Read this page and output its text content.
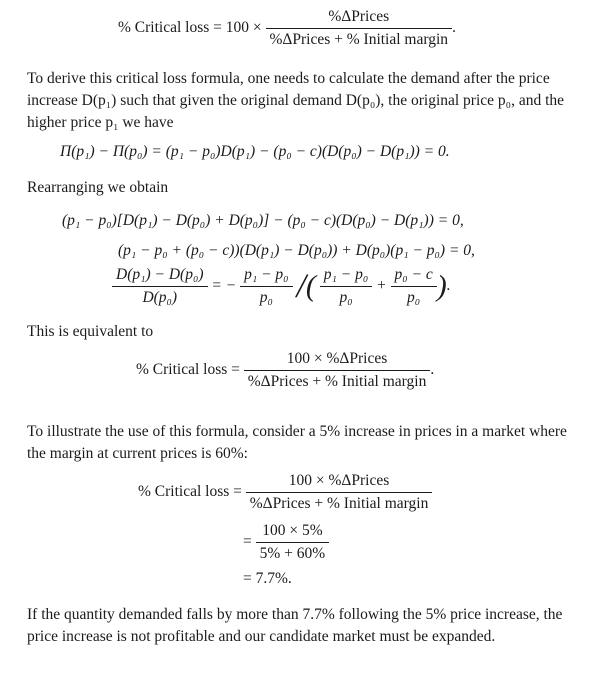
% Critical loss = $100 \times \frac{\text{\%ΔPrices}}{\text{\%ΔPrices + \% Initial margin}}$ .
To derive this critical loss formula, one needs to calculate the demand after the price increase D(p₁) such that given the original demand D(p₀), the original price p₀, and the higher price p₁ we have
Π(p₁) − Π(p₀) = (p₁ − p₀)D(p₁) − (p₀ − c)(D(p₀) − D(p₁)) = 0.
Rearranging we obtain
(p₁ − p₀)[D(p₁) − D(p₀) + D(p₀)] − (p₀ − c)(D(p₀) − D(p₁)) = 0,
(p₁ − p₀ + (p₀ − c))(D(p₁) − D(p₀)) + D(p₀)(p₁ − p₀) = 0,
$\frac{\text{D(p₁) − D(p₀)}}{\text{D(p₀)}}$ = − $\frac{\text{p₁ − p₀}}{\text{p₀}}$ /( $\frac{\text{p₁ − p₀}}{\text{p₀}} + \frac{\text{p₀ − c}}{\text{p₀}}$ ).
This is equivalent to
% Critical loss = $\frac{\text{100 × \%ΔPrices}}{\text{\%ΔPrices + \% Initial margin}}$ .
To illustrate the use of this formula, consider a 5% increase in prices in a market where the margin at current prices is 60%:
% Critical loss = $\frac{\text{100 × \%ΔPrices}}{\text{\%ΔPrices + \% Initial margin}}$
= $\frac{100 \times 5\%}{5\% + 60\%}$
= 7.7%.
If the quantity demanded falls by more than 7.7% following the 5% price increase, the price increase is not profitable and our candidate market must be expanded.
